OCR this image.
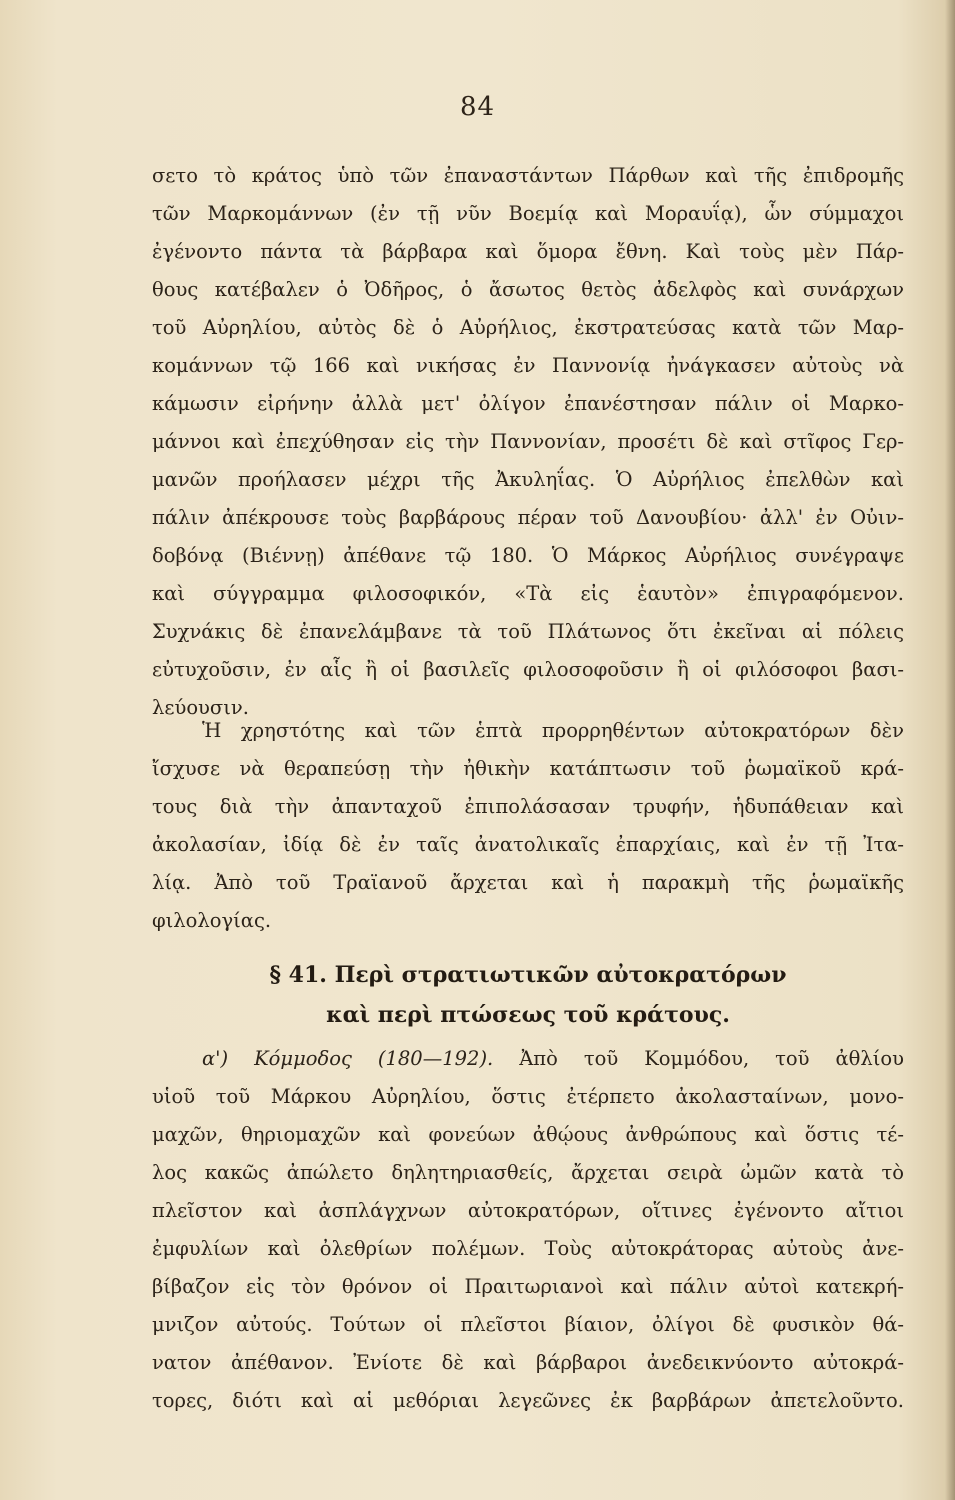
84
σετο τὸ κράτος ὑπὸ τῶν ἐπαναστάντων Πάρθων καὶ τῆς ἐπιδρομῆς
τῶν Μαρκομάννων (ἐν τῇ νῦν Βοεμίᾳ καὶ Μοραυΐᾳ), ὧν σύμμαχοι
ἐγένοντο πάντα τὰ βάρβαρα καὶ ὅμορα ἔθνη. Καὶ τοὺς μὲν Πάρ-
θους κατέβαλεν ὁ Ὀδῆρος, ὁ ἄσωτος θετὸς ἀδελφὸς καὶ συνάρχων
τοῦ Αὐρηλίου, αὐτὸς δὲ ὁ Αὐρήλιος, ἐκστρατεύσας κατὰ τῶν Μαρ-
κομάννων τῷ 166 καὶ νικήσας ἐν Παννονίᾳ ἠνάγκασεν αὐτοὺς νὰ
κάμωσιν εἰρήνην ἀλλὰ μετ' ὀλίγον ἐπανέστησαν πάλιν οἱ Μαρκο-
μάννοι καὶ ἐπεχύθησαν εἰς τὴν Παννονίαν, προσέτι δὲ καὶ στῖφος Γερ-
μανῶν προήλασεν μέχρι τῆς Ἀκυληΐας. Ὁ Αὐρήλιος ἐπελθὼν καὶ
πάλιν ἀπέκρουσε τοὺς βαρβάρους πέραν τοῦ Δανουβίου· ἀλλ' ἐν Οὐιν-
δοβόνᾳ (Βιέννῃ) ἀπέθανε τῷ 180. Ὁ Μάρκος Αὐρήλιος συνέγραψε
καὶ σύγγραμμα φιλοσοφικόν, «Τὰ εἰς ἑαυτὸν» ἐπιγραφόμενον.
Συχνάκις δὲ ἐπανελάμβανε τὰ τοῦ Πλάτωνος ὅτι ἐκεῖναι αἱ πόλεις
εὐτυχοῦσιν, ἐν αἷς ἢ οἱ βασιλεῖς φιλοσοφοῦσιν ἢ οἱ φιλόσοφοι βασι-
λεύουσιν.
Ἡ χρηστότης καὶ τῶν ἑπτὰ προρρηθέντων αὐτοκρατόρων δὲν
ἴσχυσε νὰ θεραπεύσῃ τὴν ἠθικὴν κατάπτωσιν τοῦ ῥωμαϊκοῦ κρά-
τους διὰ τὴν ἀπανταχοῦ ἐπιπολάσασαν τρυφήν, ἡδυπάθειαν καὶ
ἀκολασίαν, ἰδίᾳ δὲ ἐν ταῖς ἀνατολικαῖς ἐπαρχίαις, καὶ ἐν τῇ Ἰτα-
λίᾳ. Ἀπὸ τοῦ Τραϊανοῦ ἄρχεται καὶ ἡ παρακμὴ τῆς ῥωμαϊκῆς
φιλολογίας.
§ 41. Περὶ στρατιωτικῶν αὐτοκρατόρων
καὶ περὶ πτώσεως τοῦ κράτους.
α') Κόμμοδος (180—192). Ἀπὸ τοῦ Κομμόδου, τοῦ ἀθλίου
υἱοῦ τοῦ Μάρκου Αὐρηλίου, ὅστις ἐτέρπετο ἀκολασταίνων, μονο-
μαχῶν, θηριομαχῶν καὶ φονεύων ἀθῴους ἀνθρώπους καὶ ὅστις τέ-
λος κακῶς ἀπώλετο δηλητηριασθείς, ἄρχεται σειρὰ ὠμῶν κατὰ τὸ
πλεῖστον καὶ ἀσπλάγχνων αὐτοκρατόρων, οἵτινες ἐγένοντο αἴτιοι
ἐμφυλίων καὶ ὀλεθρίων πολέμων. Τοὺς αὐτοκράτορας αὐτοὺς ἀνε-
βίβαζον εἰς τὸν θρόνον οἱ Πραιτωριανοὶ καὶ πάλιν αὐτοὶ κατεκρή-
μνιζον αὐτούς. Τούτων οἱ πλεῖστοι βίαιον, ὀλίγοι δὲ φυσικὸν θά-
νατον ἀπέθανον. Ἐνίοτε δὲ καὶ βάρβαροι ἀνεδεικνύοντο αὐτοκρά-
τορες, διότι καὶ αἱ μεθόριαι λεγεῶνες ἐκ βαρβάρων ἀπετελοῦντο.
